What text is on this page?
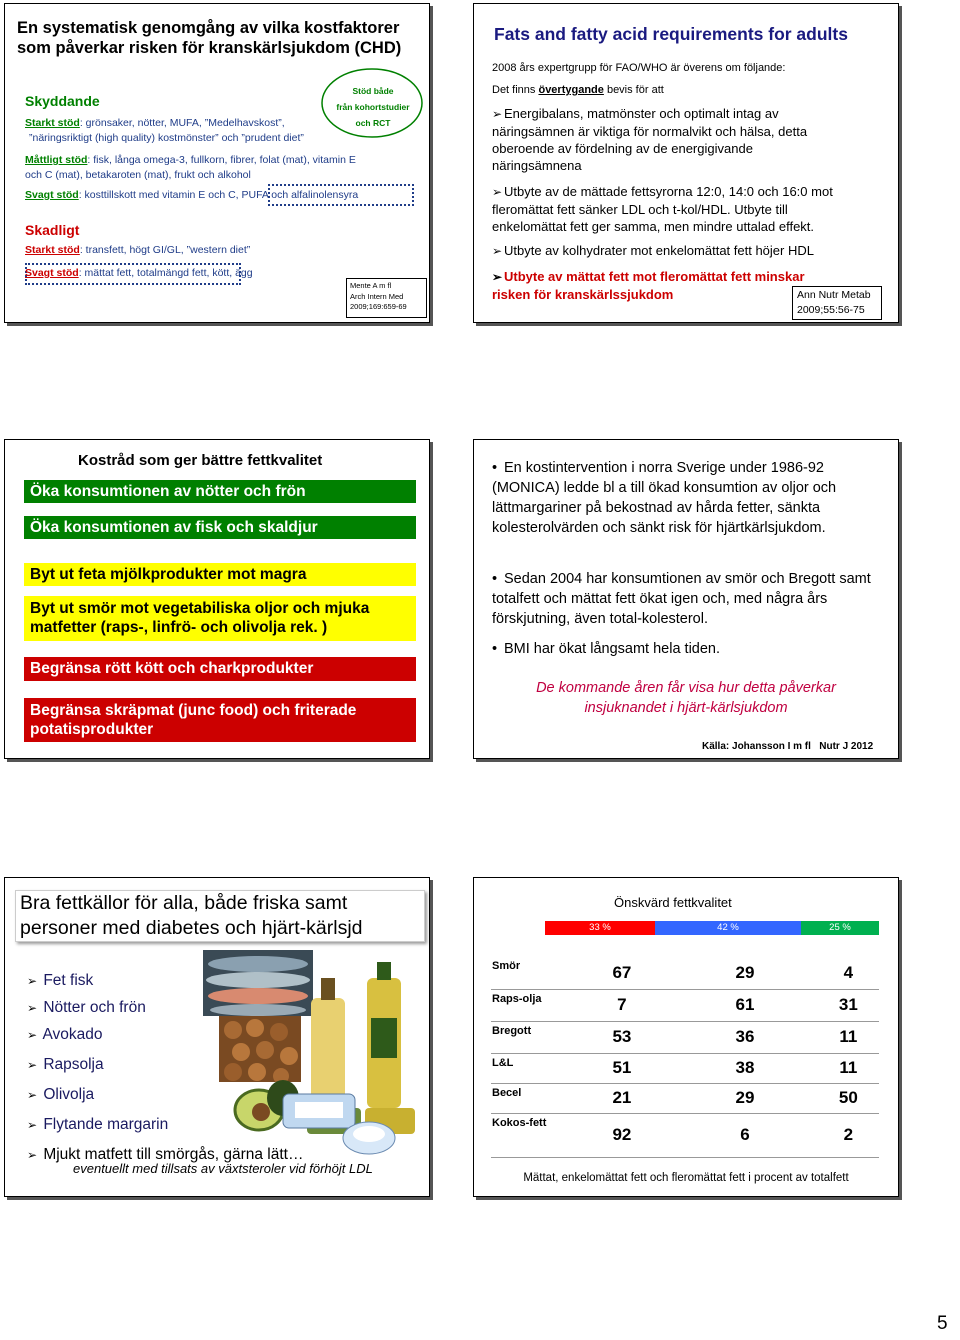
En systematisk genomgång av vilka kostfaktorer
som påverkar risken för kranskärlsjukdom (CHD)
Stöd både
från kohortstudier
och RCT
Skyddande
Starkt stöd: grönsaker, nötter, MUFA, ”Medelhavskost”,
”näringsriktigt (high quality) kostmönster” och ”prudent diet”
Måttligt stöd: fisk, långa omega-3, fullkorn, fibrer, folat (mat), vitamin E
och C (mat), betakaroten (mat), frukt och alkohol
Svagt stöd: kosttillskott med vitamin E och C, PUFA och alfalinolensyra
Skadligt
Starkt stöd: transfett, högt GI/GL, ”western diet”
Svagt stöd: mättat fett, totalmängd fett, kött, ägg
Mente A m fl
Arch Intern Med
2009;169:659-69
Fats and fatty acid requirements for adults
2008 års expertgrupp för FAO/WHO är överens om följande:
Det finns övertygande bevis för att
➢ Energibalans, matmönster och optimalt intag av
näringsämnen är viktiga för normalvikt och hälsa, detta
oberoende av fördelning av de energigivande
näringsämnena
➢ Utbyte av de mättade fettsyrorna 12:0, 14:0 och 16:0 mot
fleromättat fett sänker LDL och t-kol/HDL. Utbyte till
enkelomättat fett ger samma, men mindre uttalad effekt.
➢ Utbyte av kolhydrater mot enkelomättat fett höjer HDL
➢ Utbyte av mättat fett mot fleromättat fett minskar
risken för kranskärlssjukdom	Ann Nutr Metab
2009;55:56-75
Kostråd som ger bättre fettkvalitet
Öka konsumtionen av nötter och frön
Öka konsumtionen av fisk och skaldjur
Byt ut feta mjölkprodukter mot magra
Byt ut smör mot vegetabiliska oljor och mjuka matfetter (raps-, linfrö- och olivolja rek. )
Begränsa rött kött och charkprodukter
Begränsa skräpmat (junc food) och friterade potatisprodukter
• En kostintervention i norra Sverige under 1986-92 (MONICA) ledde bl a till ökad konsumtion av oljor och lättmargariner på bekostnad av hårda fetter, sänkta kolesterolvärden och sänkt risk för hjärtkärlsjukdom.
• Sedan 2004 har konsumtionen av smör och Bregott samt totalfett och mättat fett ökat igen och, med några års förskjutning, även total-kolesterol.
• BMI har ökat långsamt hela tiden.
De kommande åren får visa hur detta påverkar
insjuknandet i hjärt-kärlsjukdom
Källa: Johansson I m fl   Nutr J 2012
Bra fettkällor för alla, både friska samt
personer med diabetes och hjärt-kärlsjd
➢ Fet fisk
➢ Nötter och frön
➢ Avokado
➢ Rapsolja
➢ Olivolja
➢ Flytande margarin
➢ Mjukt matfett till smörgås, gärna lätt…
eventuellt med tillsats av växtsteroler vid förhöjt LDL
Önskvärd fettkvalitet
33 %	42 %	25 %
Smör	67	29	4
Raps-olja	7	61	31
Bregott	53	36	11
L&L	51	38	11
Becel	21	29	50
Kokos-fett	92	6	2
Mättat, enkelomättat fett och fleromättat fett i procent av totalfett
5
